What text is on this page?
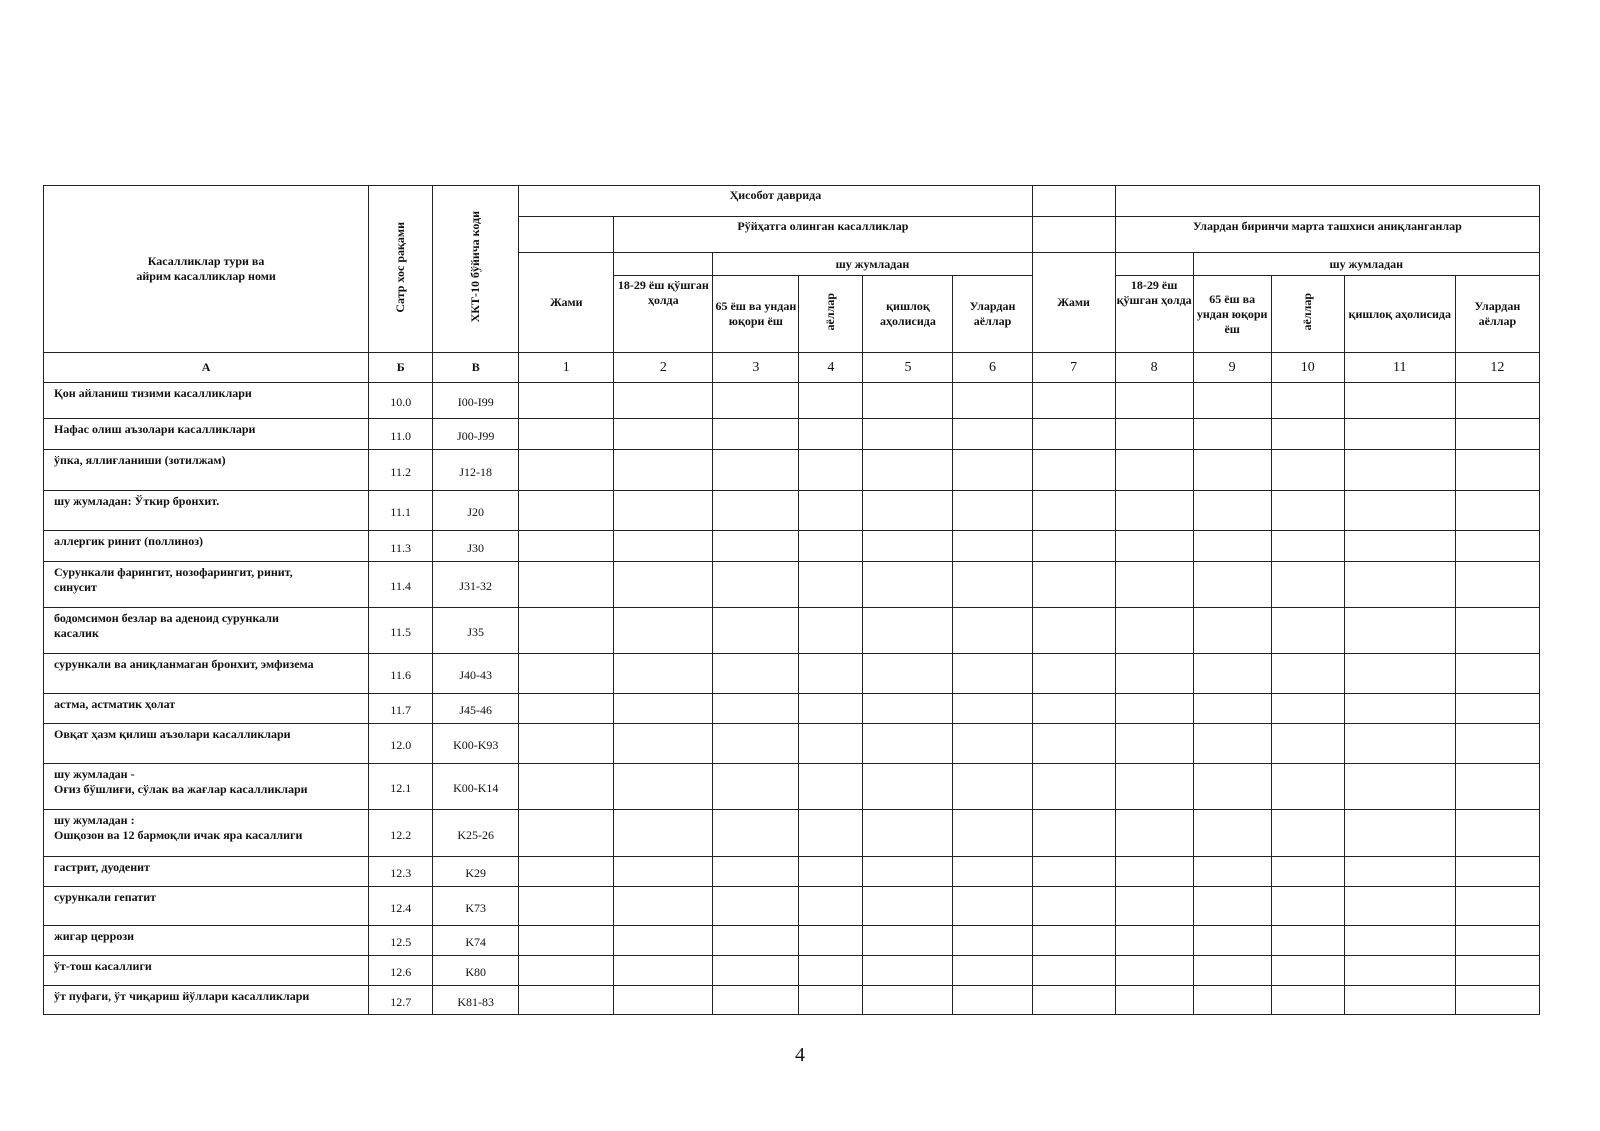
Касалликлар тури ва
айрим касалликлар номи	Сатр хос рақами	ХКТ-10 бўйича коди	Ҳисобот даврида											
				Рўйҳатга олинган касалликлар						Улардан биринчи марта ташхиси аниқланганлар				
			Жами		шу жумладан				Жами		шу жумладан			
				18-29 ёш қўшган ҳолда	65 ёш ва ундан юқори ёш	аёллар	қишлоқ аҳолисида	Улардан аёллар		18-29 ёш қўшган ҳолда	65 ёш ва ундан юқори ёш	аёллар	қишлоқ аҳолисида	Улардан аёллар
А	Б	В	1	2	3	4	5	6	7	8	9	10	11	12
Қон айланиш тизими касалликлари	10.0	I00-I99												
Нафас олиш аъзолари касалликлари	11.0	J00-J99												
ўпка, яллиғланиши (зотилжам)	11.2	J12-18												
шу жумладан: Ўткир бронхит.	11.1	J20												
аллергик ринит (поллиноз)	11.3	J30												
Сурункали фарингит, нозофарингит, ринит,
синусит	11.4	J31-32												
бодомсимон безлар ва аденоид сурункали
касалик	11.5	J35												
сурункали ва аниқланмаган бронхит, эмфизема	11.6	J40-43												
астма, астматик ҳолат	11.7	J45-46												
Овқат ҳазм қилиш аъзолари касалликлари	12.0	K00-K93												
шу жумладан -
Оғиз бўшлиғи, сўлак ва жағлар касалликлари	12.1	K00-K14												
шу жумладан :
Ошқозон ва 12 бармоқли ичак яра касаллиги	12.2	K25-26												
гастрит, дуоденит	12.3	K29												
сурункали гепатит	12.4	K73												
жигар церрози	12.5	K74												
ўт-тош касаллиги	12.6	K80												
ўт пуфаги, ўт чиқариш йўллари касалликлари	12.7	K81-83												
4
